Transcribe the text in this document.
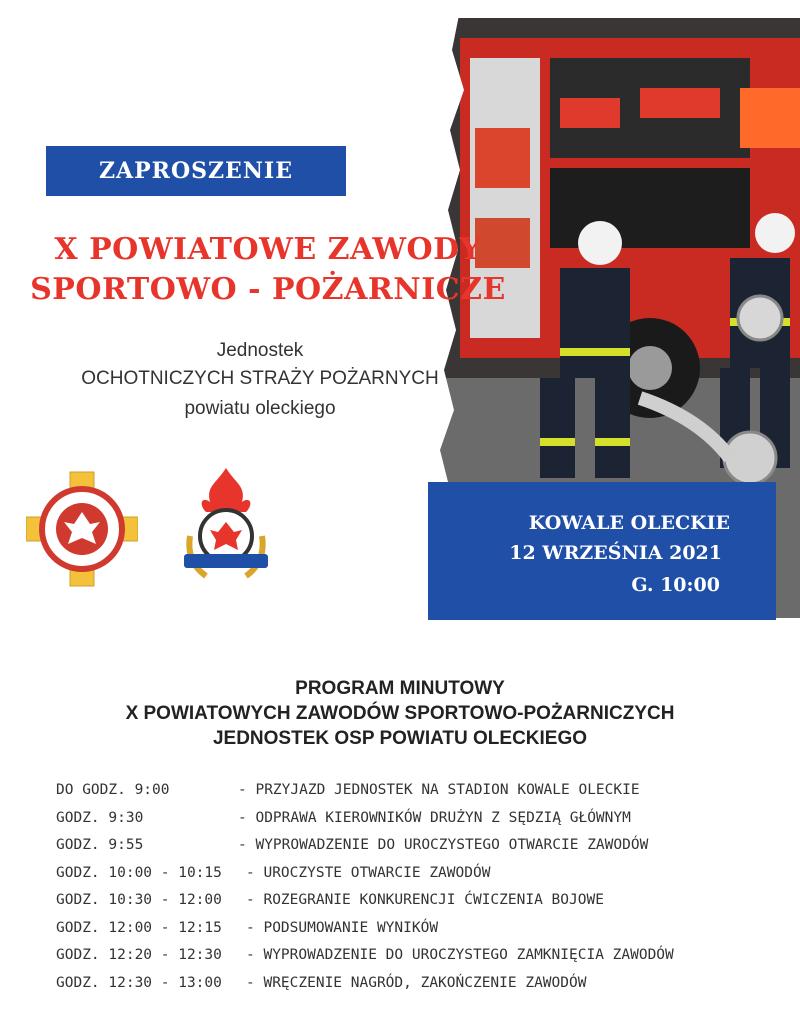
ZAPROSZENIE
X POWIATOWE ZAWODY
SPORTOWO - POŻARNICZE
Jednostek
OCHOTNICZYCH STRAŻY POŻARNYCH
powiatu oleckiego
KOWALE OLECKIE
12 WRZEŚNIA 2021
G. 10:00
PROGRAM MINUTOWY
X POWIATOWYCH ZAWODÓW SPORTOWO-POŻARNICZYCH
JEDNOSTEK OSP POWIATU OLECKIEGO
DO GODZ. 9:00	- PRZYJAZD JEDNOSTEK NA STADION KOWALE OLECKIE
GODZ. 9:30	- ODPRAWA KIEROWNIKÓW DRUŻYN Z SĘDZIĄ GŁÓWNYM
GODZ. 9:55	- WYPROWADZENIE DO UROCZYSTEGO OTWARCIE ZAWODÓW
GODZ. 10:00 - 10:15 - UROCZYSTE OTWARCIE ZAWODÓW
GODZ. 10:30 - 12:00 - ROZEGRANIE KONKURENCJI ĆWICZENIA BOJOWE
GODZ. 12:00 - 12:15 - PODSUMOWANIE WYNIKÓW
GODZ. 12:20 - 12:30 - WYPROWADZENIE DO UROCZYSTEGO ZAMKNIĘCIA ZAWODÓW
GODZ. 12:30 - 13:00 - WRĘCZENIE NAGRÓD, ZAKOŃCZENIE ZAWODÓW
